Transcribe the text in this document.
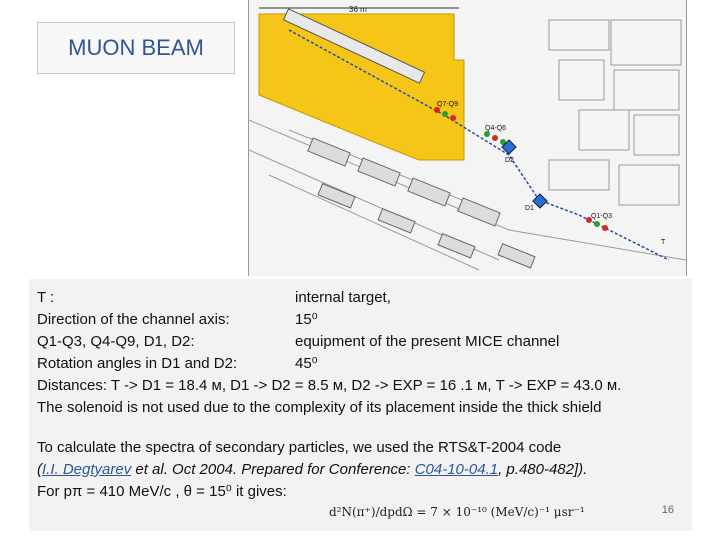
MUON BEAM
36 m
Q7-Q9
Q4-Q6
D2
D1
Q1-Q3
T
T :	internal target,
Direction of the channel axis:	15⁰
Q1-Q3, Q4-Q9, D1, D2:	equipment of the present MICE channel
Rotation angles in D1 and D2:	45⁰
Distances: T -> D1 = 18.4 м, D1 -> D2 = 8.5 м, D2 -> EXP = 16 .1 м, T -> EXP = 43.0 м.
The solenoid is not used due to the complexity of its placement inside the thick shield
To calculate the spectra of secondary particles, we used the RTS&T-2004 code
(I.I. Degtyarev et al. Oct 2004. Prepared for Conference: C04-10-04.1, p.480-482]).
For pπ = 410 MeV/c , θ = 15⁰ it gives:
d²N(π⁺)/dpdΩ = 7 × 10⁻¹⁰ (MeV/c)⁻¹ μsr⁻¹	16
